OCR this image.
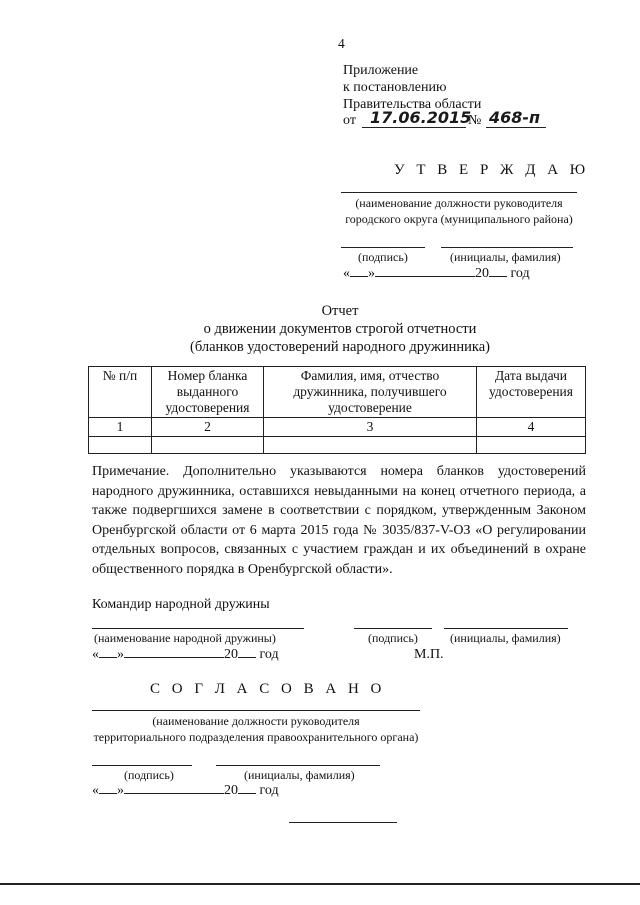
4
Приложение
к постановлению
Правительства области
от 17.06.2015
№ 468-п
У Т В Е Р Ж Д А Ю
(наименование должности руководителя
городского округа (муниципального района)
(подпись)	(инициалы, фамилия)
« »	20 год
Отчет
о движении документов строгой отчетности
(бланков удостоверений народного дружинника)
№ п/п	Номер бланка выданного удостоверения	Фамилия, имя, отчество дружинника, получившего удостоверение	Дата выдачи удостоверения
1	2	3	4

Примечание. Дополнительно указываются номера бланков удостоверений народного дружинника, оставшихся невыданными на конец отчетного периода, а также подвергшихся замене в соответствии с порядком, утвержденным Законом Оренбургской области от 6 марта 2015 года № 3035/837-V-ОЗ «О регулировании отдельных вопросов, связанных с участием граждан и их объединений в охране общественного порядка в Оренбургской области».
Командир народной дружины
(наименование народной дружины)	(подпись)	(инициалы, фамилия)
« »	20 год	М.П.
С О Г Л А С О В А Н О
(наименование должности руководителя
территориального подразделения правоохранительного органа)
(подпись)	(инициалы, фамилия)
« »	20 год
